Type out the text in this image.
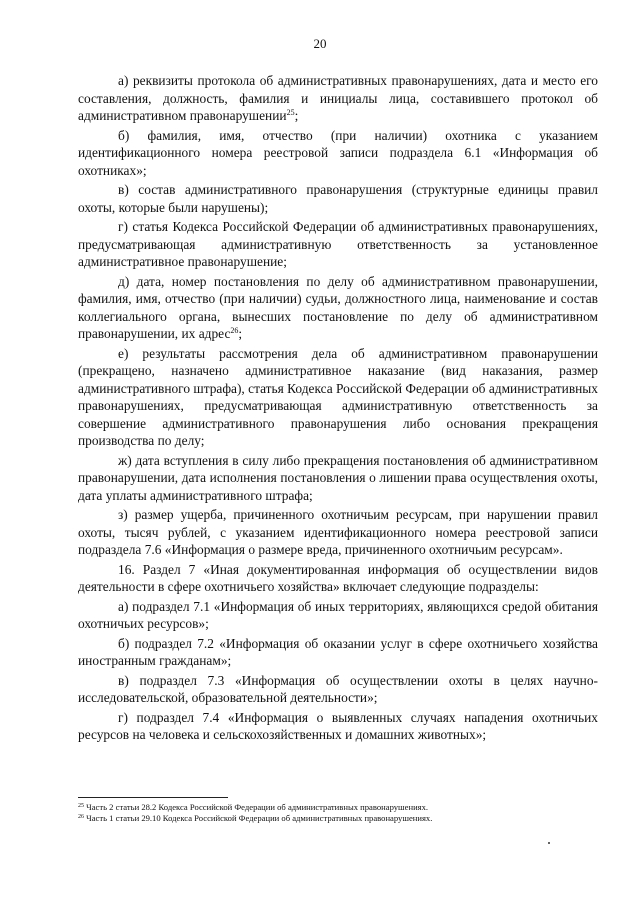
20

а) реквизиты протокола об административных правонарушениях, дата и место его составления, должность, фамилия и инициалы лица, составившего протокол об административном правонарушении$^{25}$;

б) фамилия, имя, отчество (при наличии) охотника с указанием идентификационного номера реестровой записи подраздела 6.1 «Информация об охотниках»;

в) состав административного правонарушения (структурные единицы правил охоты, которые были нарушены);

г) статья Кодекса Российской Федерации об административных правонарушениях, предусматривающая административную ответственность за установленное административное правонарушение;

д) дата, номер постановления по делу об административном правонарушении, фамилия, имя, отчество (при наличии) судьи, должностного лица, наименование и состав коллегиального органа, вынесших постановление по делу об административном правонарушении, их адрес$^{26}$;

е) результаты рассмотрения дела об административном правонарушении (прекращено, назначено административное наказание (вид наказания, размер административного штрафа), статья Кодекса Российской Федерации об административных правонарушениях, предусматривающая административную ответственность за совершение административного правонарушения либо основания прекращения производства по делу;

ж) дата вступления в силу либо прекращения постановления об административном правонарушении, дата исполнения постановления о лишении права осуществления охоты, дата уплаты административного штрафа;

з) размер ущерба, причиненного охотничьим ресурсам, при нарушении правил охоты, тысяч рублей, с указанием идентификационного номера реестровой записи подраздела 7.6 «Информация о размере вреда, причиненного охотничьим ресурсам».

16. Раздел 7 «Иная документированная информация об осуществлении видов деятельности в сфере охотничьего хозяйства» включает следующие подразделы:

а) подраздел 7.1 «Информация об иных территориях, являющихся средой обитания охотничьих ресурсов»;

б) подраздел 7.2 «Информация об оказании услуг в сфере охотничьего хозяйства иностранным гражданам»;

в) подраздел 7.3 «Информация об осуществлении охоты в целях научно-исследовательской, образовательной деятельности»;

г) подраздел 7.4 «Информация о выявленных случаях нападения охотничьих ресурсов на человека и сельскохозяйственных и домашних животных»;

$^{25}$ Часть 2 статьи 28.2 Кодекса Российской Федерации об административных правонарушениях.

$^{26}$ Часть 1 статьи 29.10 Кодекса Российской Федерации об административных правонарушениях.
